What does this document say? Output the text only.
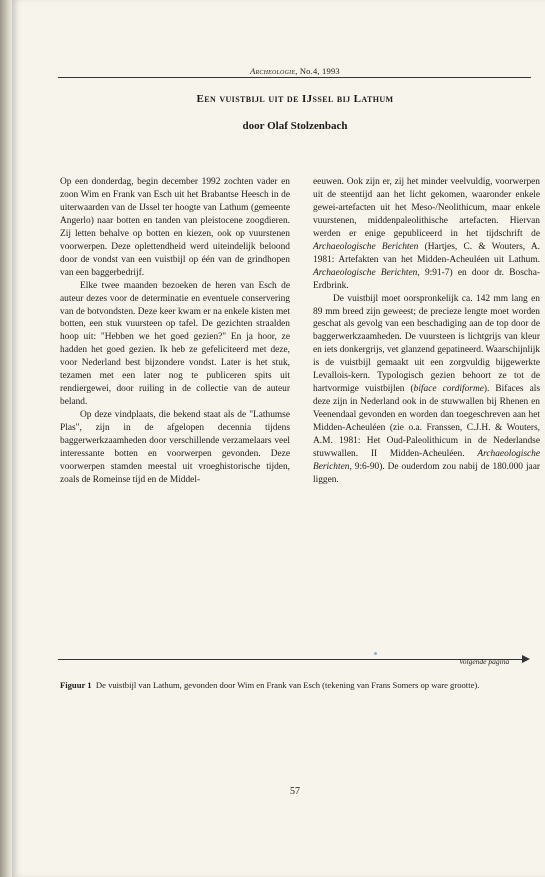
Archeologie, No.4, 1993
Een vuistbijl uit de IJssel bij Lathum
door Olaf Stolzenbach

Op een donderdag, begin december 1992 zochten vader en zoon Wim en Frank van Esch uit het Brabantse Heesch in de uiterwaarden van de IJssel ter hoogte van Lathum (gemeente Angerlo) naar botten en tanden van pleistocene zoogdieren. Zij letten behalve op botten en kiezen, ook op vuurstenen voorwerpen. Deze oplettendheid werd uiteindelijk beloond door de vondst van een vuistbijl op één van de grindhopen van een baggerbedrijf.

Elke twee maanden bezoeken de heren van Esch de auteur dezes voor de determinatie en eventuele conservering van de botvondsten. Deze keer kwam er na enkele kisten met botten, een stuk vuursteen op tafel. De gezichten straalden hoop uit: "Hebben we het goed gezien?" En ja hoor, ze hadden het goed gezien. Ik heb ze gefeliciteerd met deze, voor Nederland best bijzondere vondst. Later is het stuk, tezamen met een later nog te publiceren spits uit rendiergewei, door ruiling in de collectie van de auteur beland.

Op deze vindplaats, die bekend staat als de "Lathumse Plas", zijn in de afgelopen decennia tijdens baggerwerkzaamheden door verschillende verzamelaars veel interessante botten en voorwerpen gevonden. Deze voorwerpen stamden meestal uit vroeghistorische tijden, zoals de Romeinse tijd en de Middel-

eeuwen. Ook zijn er, zij het minder veelvuldig, voorwerpen uit de steentijd aan het licht gekomen, waaronder enkele gewei-artefacten uit het Meso-/Neolithicum, maar enkele vuurstenen, middenpaleolithische artefacten. Hiervan werden er enige gepubliceerd in het tijdschrift de Archaeologische Berichten (Hartjes, C. & Wouters, A. 1981: Artefakten van het Midden-Acheuléen uit Lathum. Archaeologische Berichten, 9:91-7) en door dr. Boscha-Erdbrink.

De vuistbijl moet oorspronkelijk ca. 142 mm lang en 89 mm breed zijn geweest; de precieze lengte moet worden geschat als gevolg van een beschadiging aan de top door de baggerwerkzaamheden. De vuursteen is lichtgrijs van kleur en iets donkergrijs, vet glanzend gepatineerd. Waarschijnlijk is de vuistbijl gemaakt uit een zorgvuldig bijgewerkte Levallois-kern. Typologisch gezien behoort ze tot de hartvormige vuistbijlen (biface cordiforme). Bifaces als deze zijn in Nederland ook in de stuwwallen bij Rhenen en Veenendaal gevonden en worden dan toegeschreven aan het Midden-Acheuléen (zie o.a. Franssen, C.J.H. & Wouters, A.M. 1981: Het Oud-Paleolithicum in de Nederlandse stuwwallen. II Midden-Acheuléen. Archaeologische Berichten, 9:6-90). De ouderdom zou nabij de 180.000 jaar liggen.

Volgende pagina
Figuur 1 De vuistbijl van Lathum, gevonden door Wim en Frank van Esch (tekening van Frans Somers op ware grootte).
57
